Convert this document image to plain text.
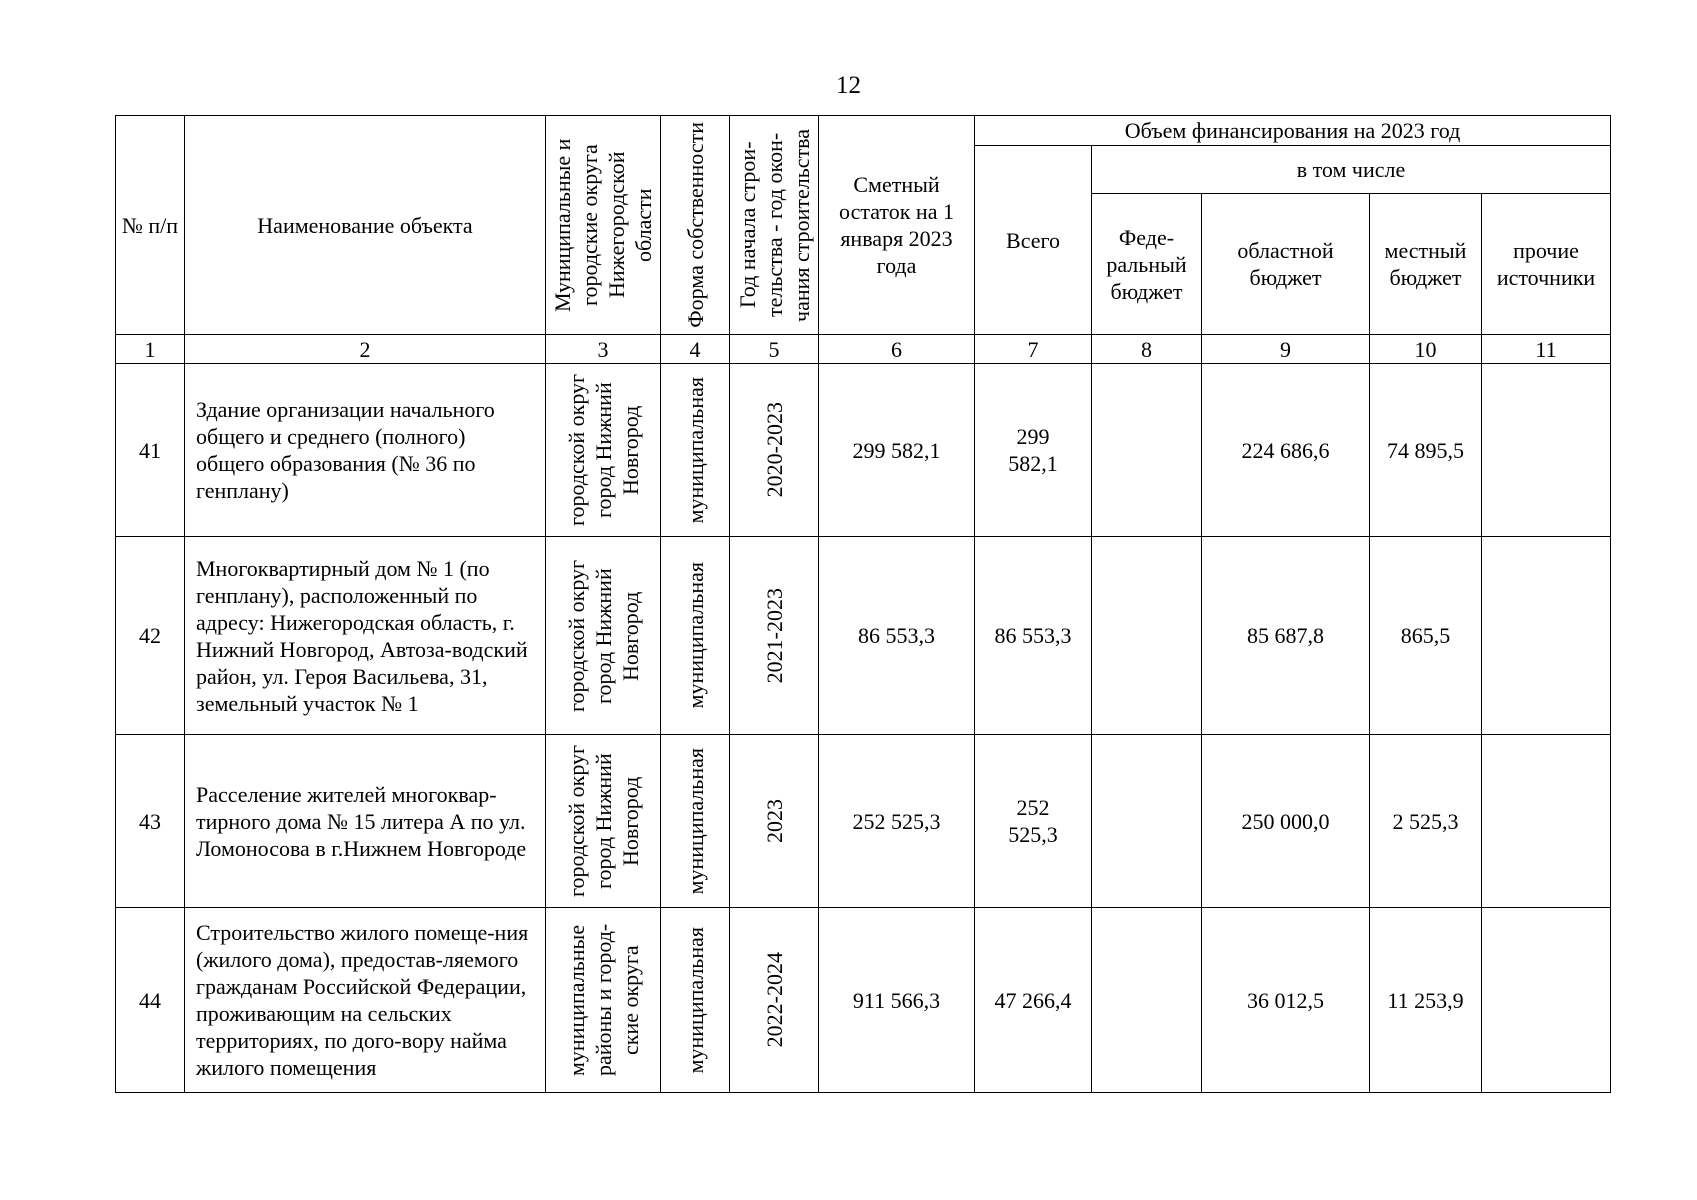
12
№ п/п	Наименование объекта	Муниципальные и городские округа Нижегородской области	Форма собственности	Год начала строи-тельства - год окон-чания строительства	Сметный остаток на 1 января 2023 года	Объем финансирования на 2023 год				
						Всего	в том числе			

							Феде-ральный бюджет	областной бюджет	местный бюджет	прочие источники

1	2	3	4	5	6	7	8	9	10	11
41	Здание организации начального общего и среднего (полного) общего образования (№ 36 по генплану)	городской округ город Нижний Новгород	муниципальная	2020-2023	299 582,1	299 582,1		224 686,6	74 895,5	
42	Многоквартирный дом № 1 (по генплану), расположенный по адресу: Нижегородская область, г. Нижний Новгород, Автоза-водский район, ул. Героя Васильева, 31, земельный участок № 1	городской округ город Нижний Новгород	муниципальная	2021-2023	86 553,3	86 553,3		85 687,8	865,5	
43	Расселение жителей многоквар-тирного дома № 15 литера А по ул. Ломоносова в г.Нижнем Новгороде	городской округ город Нижний Новгород	муниципальная	2023	252 525,3	252 525,3		250 000,0	2 525,3	
44	Строительство жилого помеще-ния (жилого дома), предостав-ляемого гражданам Российской Федерации, проживающим на сельских территориях, по дого-вору найма жилого помещения	муниципальные районы и город-ские округа	муниципальная	2022-2024	911 566,3	47 266,4		36 012,5	11 253,9	
